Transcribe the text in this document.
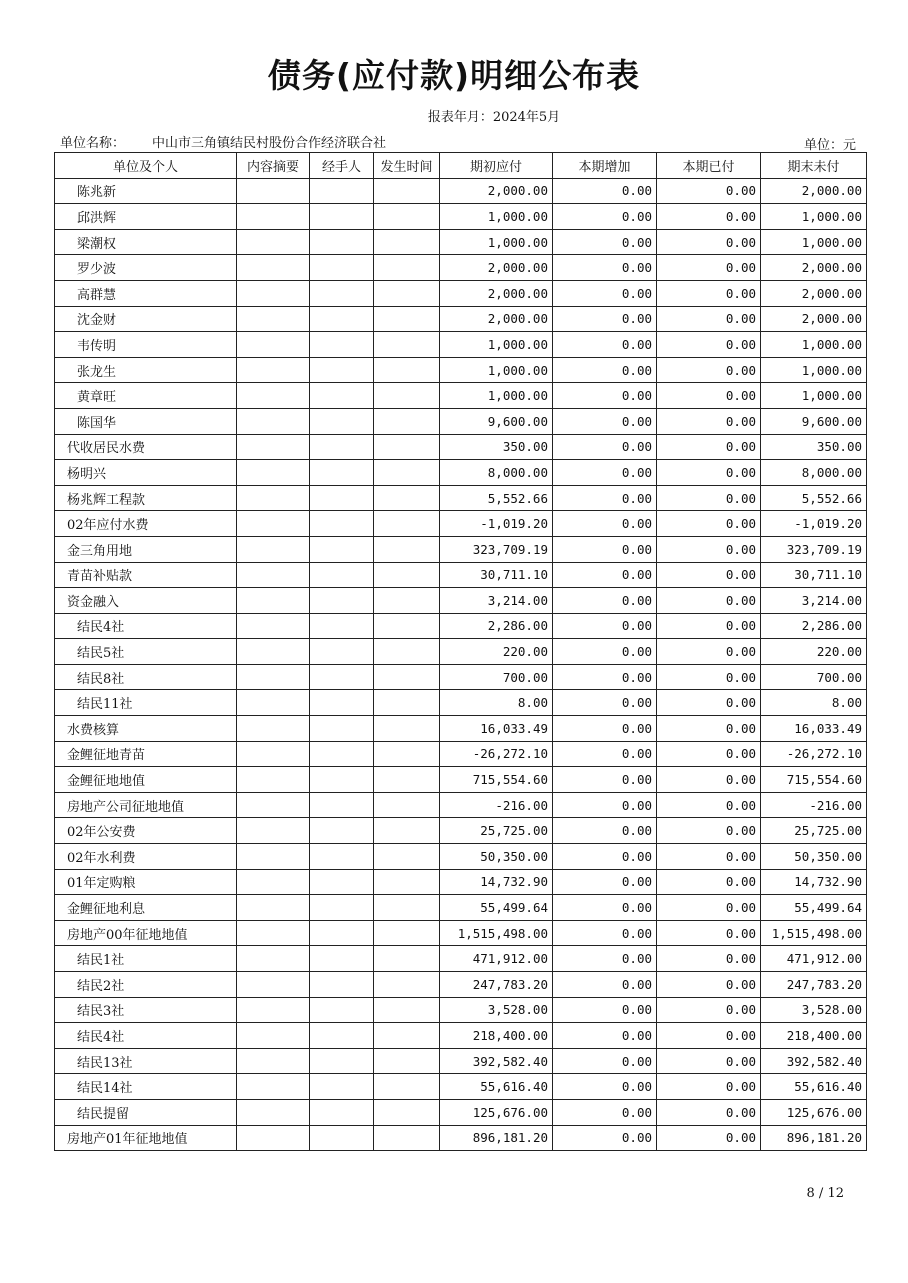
债务(应付款)明细公布表
报表年月：2024年5月
单位名称： 中山市三角镇结民村股份合作经济联合社	单位：元
单位及个人	内容摘要	经手人	发生时间	期初应付	本期增加	本期已付	期末未付
陈兆新				2,000.00	0.00	0.00	2,000.00
邱洪辉				1,000.00	0.00	0.00	1,000.00
梁潮权				1,000.00	0.00	0.00	1,000.00
罗少波				2,000.00	0.00	0.00	2,000.00
高群慧				2,000.00	0.00	0.00	2,000.00
沈金财				2,000.00	0.00	0.00	2,000.00
韦传明				1,000.00	0.00	0.00	1,000.00
张龙生				1,000.00	0.00	0.00	1,000.00
黄章旺				1,000.00	0.00	0.00	1,000.00
陈国华				9,600.00	0.00	0.00	9,600.00
代收居民水费				350.00	0.00	0.00	350.00
杨明兴				8,000.00	0.00	0.00	8,000.00
杨兆辉工程款				5,552.66	0.00	0.00	5,552.66
02年应付水费				-1,019.20	0.00	0.00	-1,019.20
金三角用地				323,709.19	0.00	0.00	323,709.19
青苗补贴款				30,711.10	0.00	0.00	30,711.10
资金融入				3,214.00	0.00	0.00	3,214.00
结民4社				2,286.00	0.00	0.00	2,286.00
结民5社				220.00	0.00	0.00	220.00
结民8社				700.00	0.00	0.00	700.00
结民11社				8.00	0.00	0.00	8.00
水费核算				16,033.49	0.00	0.00	16,033.49
金鲤征地青苗				-26,272.10	0.00	0.00	-26,272.10
金鲤征地地值				715,554.60	0.00	0.00	715,554.60
房地产公司征地地值				-216.00	0.00	0.00	-216.00
02年公安费				25,725.00	0.00	0.00	25,725.00
02年水利费				50,350.00	0.00	0.00	50,350.00
01年定购粮				14,732.90	0.00	0.00	14,732.90
金鲤征地利息				55,499.64	0.00	0.00	55,499.64
房地产00年征地地值				1,515,498.00	0.00	0.00	1,515,498.00
结民1社				471,912.00	0.00	0.00	471,912.00
结民2社				247,783.20	0.00	0.00	247,783.20
结民3社				3,528.00	0.00	0.00	3,528.00
结民4社				218,400.00	0.00	0.00	218,400.00
结民13社				392,582.40	0.00	0.00	392,582.40
结民14社				55,616.40	0.00	0.00	55,616.40
结民提留				125,676.00	0.00	0.00	125,676.00
房地产01年征地地值				896,181.20	0.00	0.00	896,181.20
8 / 12
